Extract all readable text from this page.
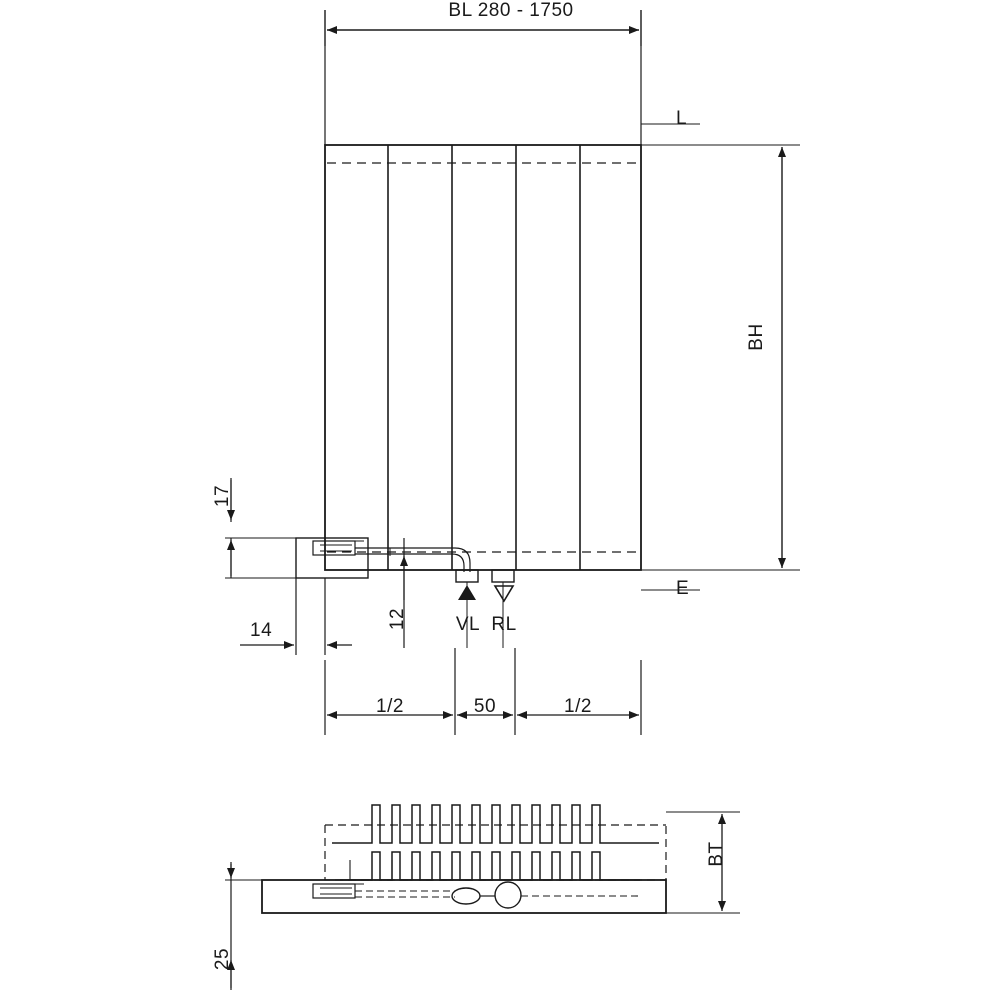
BL 280 - 1750
L
E
BH
17
14
12	VL RL
1/2	50	1/2
BT
25
